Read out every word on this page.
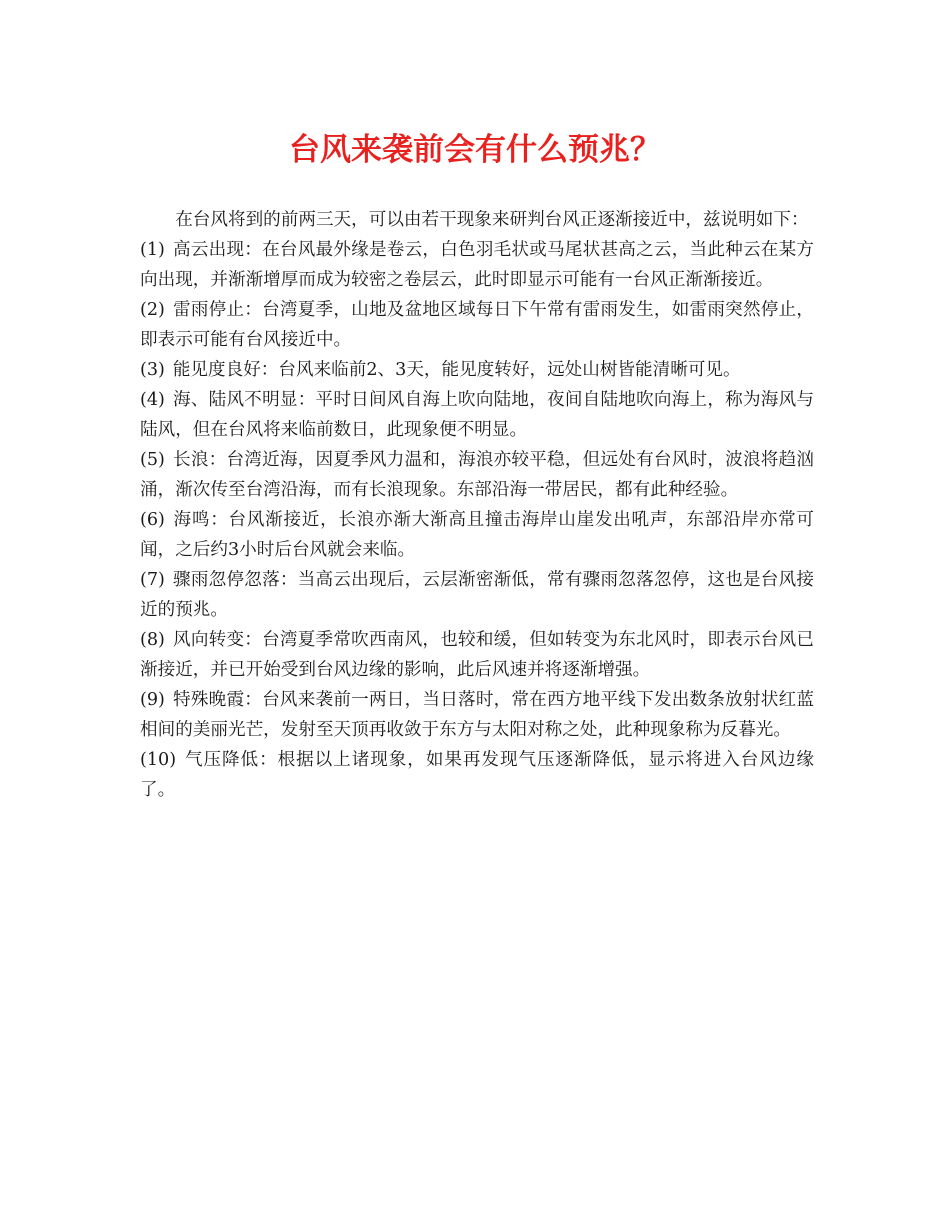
台风来袭前会有什么预兆？

在台风将到的前两三天，可以由若干现象来研判台风正逐渐接近中，兹说明如下：

(1) 高云出现：在台风最外缘是卷云，白色羽毛状或马尾状甚高之云，当此种云在某方向出现，并渐渐增厚而成为较密之卷层云，此时即显示可能有一台风正渐渐接近。

(2) 雷雨停止：台湾夏季，山地及盆地区域每日下午常有雷雨发生，如雷雨突然停止，即表示可能有台风接近中。

(3) 能见度良好：台风来临前2、3天，能见度转好，远处山树皆能清晰可见。

(4) 海、陆风不明显：平时日间风自海上吹向陆地，夜间自陆地吹向海上，称为海风与陆风，但在台风将来临前数日，此现象便不明显。

(5) 长浪：台湾近海，因夏季风力温和，海浪亦较平稳，但远处有台风时，波浪将趋汹涌，渐次传至台湾沿海，而有长浪现象。东部沿海一带居民，都有此种经验。

(6) 海鸣：台风渐接近，长浪亦渐大渐高且撞击海岸山崖发出吼声，东部沿岸亦常可闻，之后约3小时后台风就会来临。

(7) 骤雨忽停忽落：当高云出现后，云层渐密渐低，常有骤雨忽落忽停，这也是台风接近的预兆。

(8) 风向转变：台湾夏季常吹西南风，也较和缓，但如转变为东北风时，即表示台风已渐接近，并已开始受到台风边缘的影响，此后风速并将逐渐增强。

(9) 特殊晚霞：台风来袭前一两日，当日落时，常在西方地平线下发出数条放射状红蓝相间的美丽光芒，发射至天顶再收敛于东方与太阳对称之处，此种现象称为反暮光。

(10) 气压降低：根据以上诸现象，如果再发现气压逐渐降低，显示将进入台风边缘了。
